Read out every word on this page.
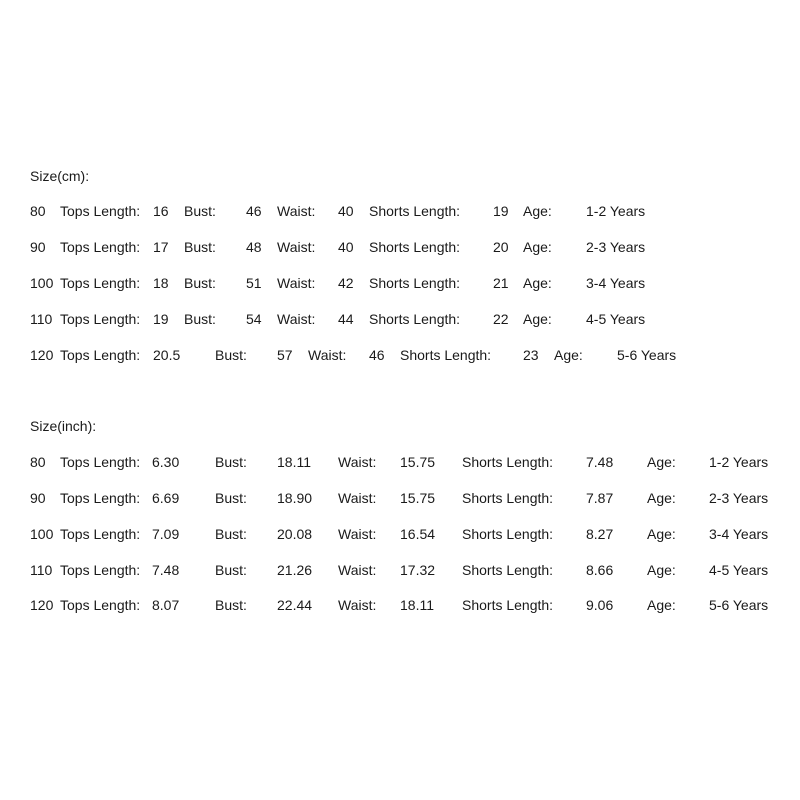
Size(cm):
80 Tops Length: 16 Bust: 46 Waist: 40 Shorts Length: 19 Age: 1-2 Years
90 Tops Length: 17 Bust: 48 Waist: 40 Shorts Length: 20 Age: 2-3 Years
100 Tops Length: 18 Bust: 51 Waist: 42 Shorts Length: 21 Age: 3-4 Years
110 Tops Length: 19 Bust: 54 Waist: 44 Shorts Length: 22 Age: 4-5 Years
120 Tops Length: 20.5 Bust: 57 Waist: 46 Shorts Length: 23 Age: 5-6 Years
Size(inch):
80 Tops Length: 6.30	Bust: 18.11 Waist: 15.75 Shorts Length: 7.48 Age: 1-2 Years
90 Tops Length: 6.69	Bust: 18.90 Waist: 15.75 Shorts Length: 7.87 Age: 2-3 Years
100 Tops Length: 7.09	Bust: 20.08 Waist: 16.54 Shorts Length: 8.27 Age: 3-4 Years
110 Tops Length: 7.48	Bust: 21.26 Waist: 17.32 Shorts Length: 8.66 Age: 4-5 Years
120 Tops Length: 8.07	Bust: 22.44 Waist: 18.11 Shorts Length: 9.06 Age: 5-6 Years
